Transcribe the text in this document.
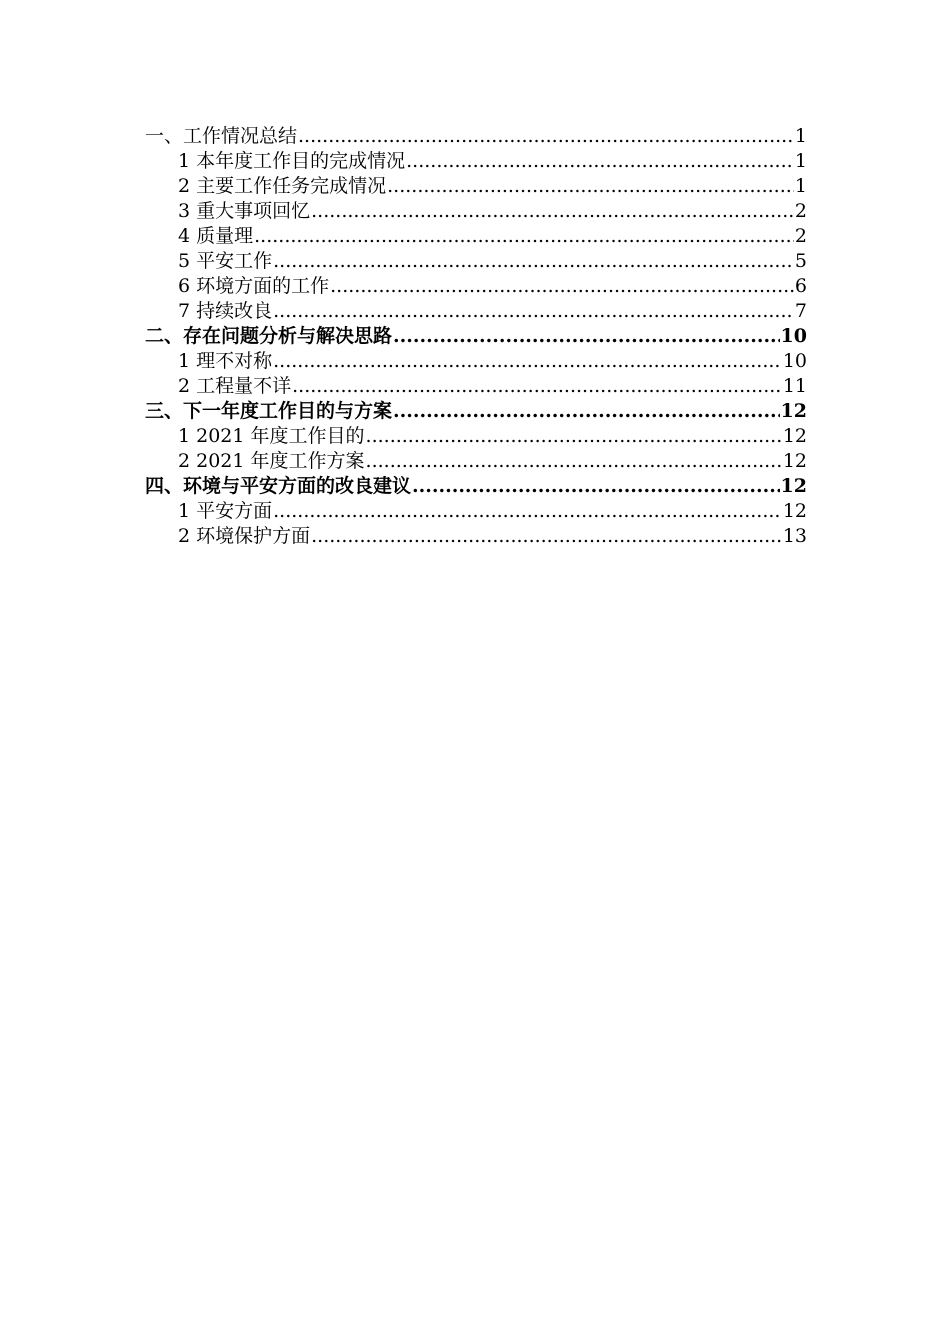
一、工作情况总结 .....	1
1 本年度工作目的完成情况 .....	1
2 主要工作任务完成情况 .....	1
3 重大事项回忆 .....	2
4 质量理 .....	2
5 平安工作 .....	5
6 环境方面的工作 .....	6
7 持续改良 .....	7
二、存在问题分析与解决思路 .....	10
1 理不对称 .....	10
2 工程量不详 .....	11
三、下一年度工作目的与方案 .....	12
1 2021 年度工作目的 .....	12
2 2021 年度工作方案 .....	12
四、环境与平安方面的改良建议 .....	12
1 平安方面 .....	12
2 环境保护方面 .....	13
